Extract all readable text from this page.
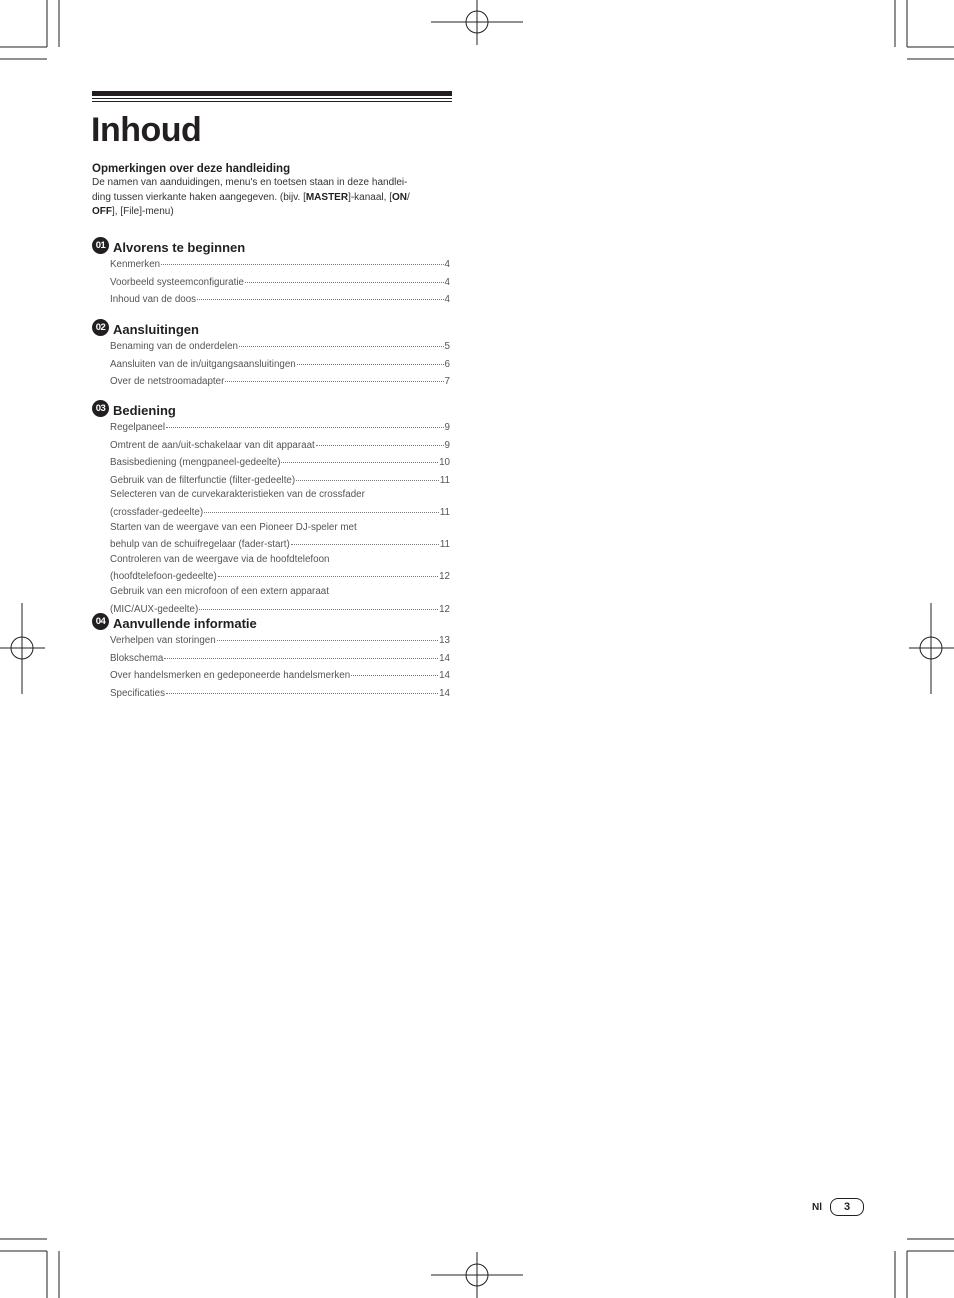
Inhoud
Opmerkingen over deze handleiding
De namen van aanduidingen, menu's en toetsen staan in deze handlei-
ding tussen vierkante haken aangegeven. (bijv. [MASTER]-kanaal, [ON/
OFF], [File]-menu)
01 Alvorens te beginnen
Kenmerken	4
Voorbeeld systeemconfiguratie	4
Inhoud van de doos	4
02 Aansluitingen
Benaming van de onderdelen	5
Aansluiten van de in/uitgangsaansluitingen	6
Over de netstroomadapter	7
03 Bediening
Regelpaneel	9
Omtrent de aan/uit-schakelaar van dit apparaat	9
Basisbediening (mengpaneel-gedeelte)	10
Gebruik van de filterfunctie (filter-gedeelte)	11
Selecteren van de curvekarakteristieken van de crossfader
(crossfader-gedeelte)	11
Starten van de weergave van een Pioneer DJ-speler met
behulp van de schuifregelaar (fader-start)	11
Controleren van de weergave via de hoofdtelefoon
(hoofdtelefoon-gedeelte)	12
Gebruik van een microfoon of een extern apparaat
(MIC/AUX-gedeelte)	12
04 Aanvullende informatie
Verhelpen van storingen	13
Blokschema	14
Over handelsmerken en gedeponeerde handelsmerken	14
Specificaties	14
Nl	3
